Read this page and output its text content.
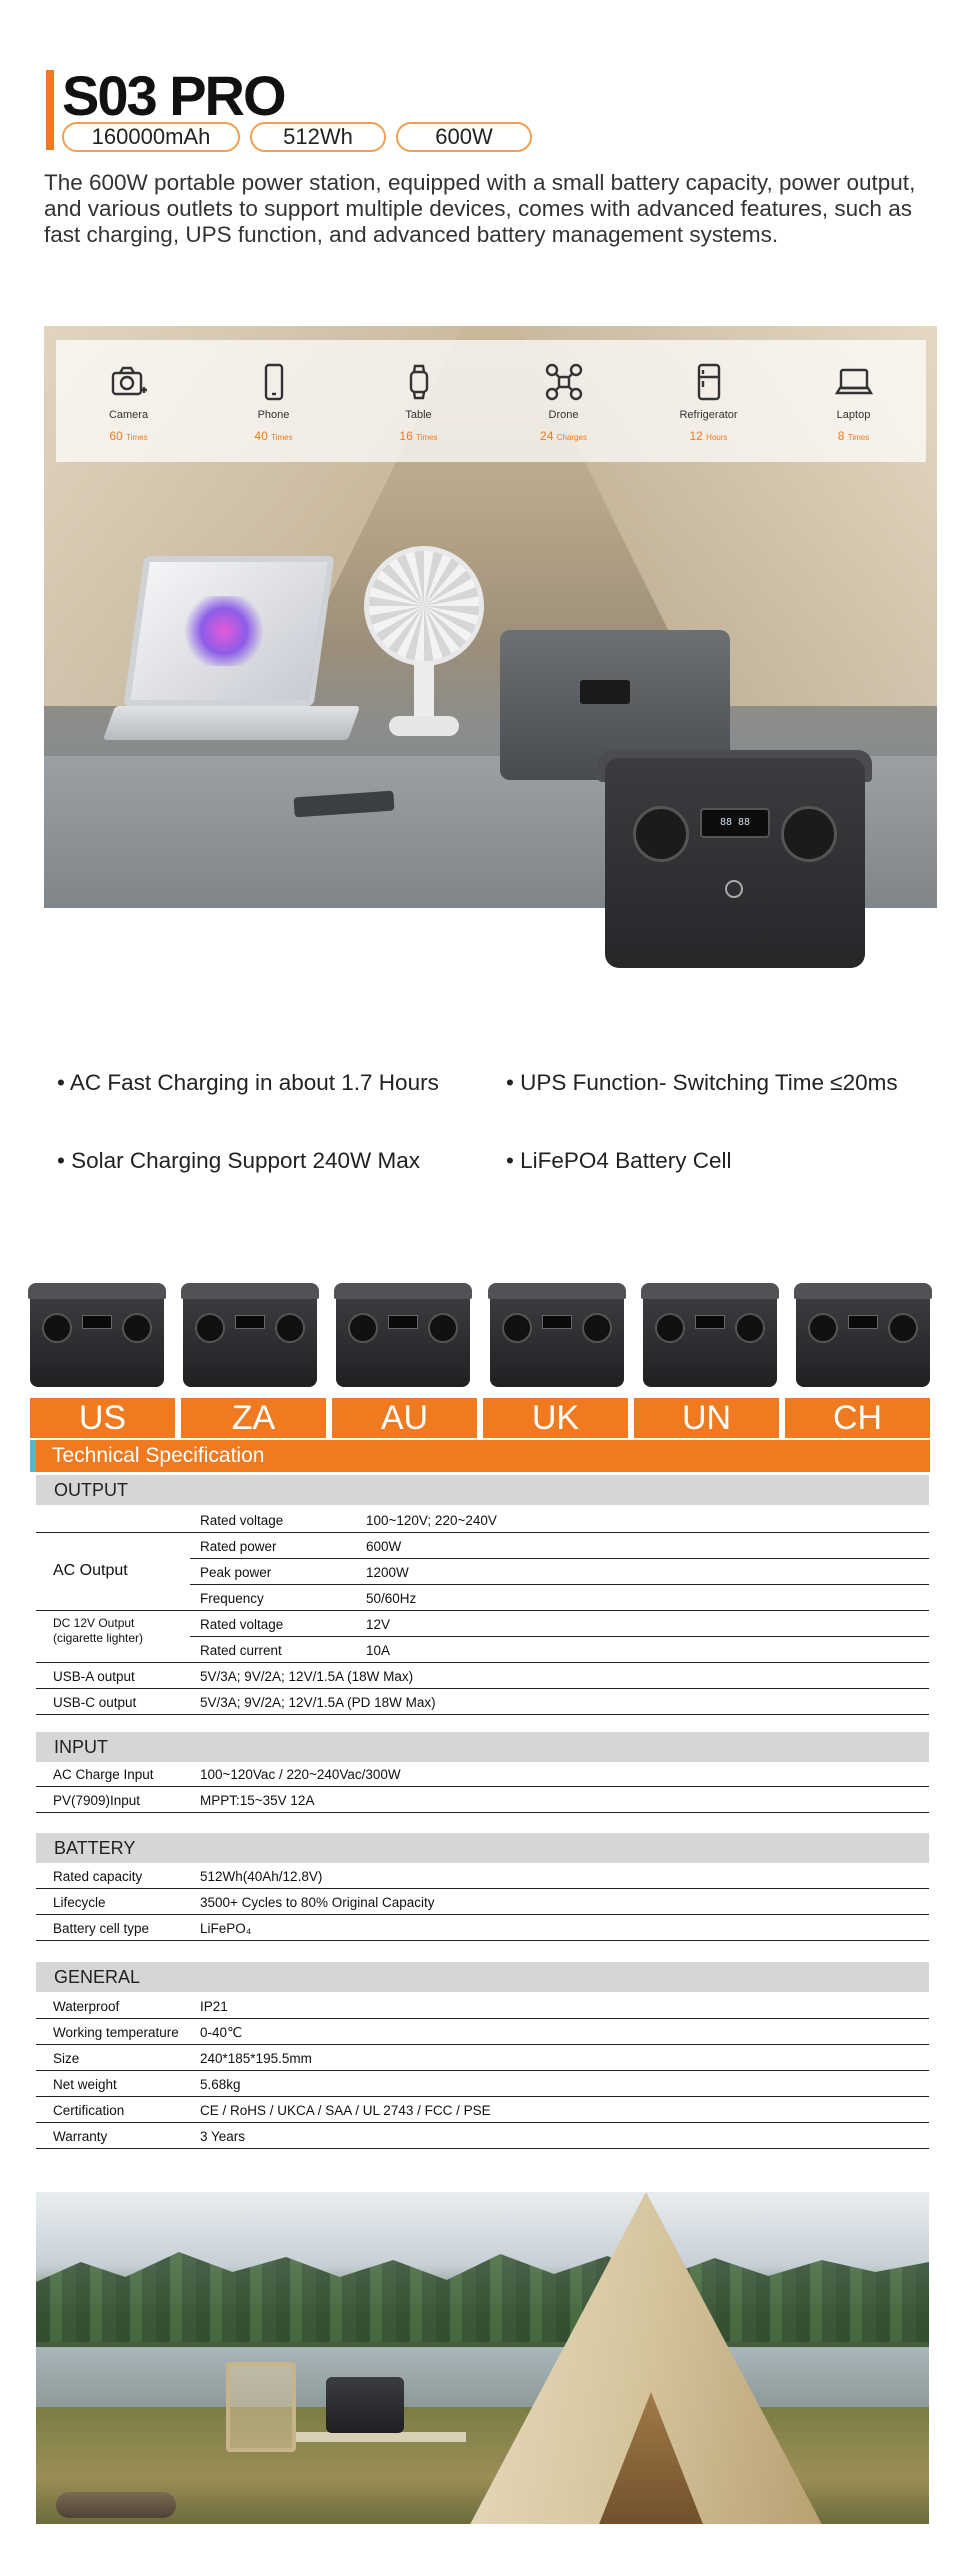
S03 PRO
160000mAh	512Wh	600W

The 600W portable power station, equipped with a small battery capacity, power output, and various outlets to support multiple devices, comes with advanced features, such as fast charging, UPS function, and advanced battery management systems.

Camera
60 Times
Phone
40 Times
Table
16 Times
Drone
24 Charges
Refrigerator
12 Hours
Laptop
8 Times
88 88
• AC Fast Charging in about 1.7 Hours	• UPS Function- Switching Time ≤20ms
• Solar Charging Support 240W Max	• LiFePO4 Battery Cell
US	ZA	AU	UK	UN	CH
Technical Specification
OUTPUT
AC Output
Rated voltage	100~120V; 220~240V
Rated power	600W
Peak power	1200W
Frequency	50/60Hz
DC 12V Output
(cigarette lighter)
Rated voltage	12V
Rated current	10A
USB-A output	5V/3A; 9V/2A; 12V/1.5A (18W Max)
USB-C output	5V/3A; 9V/2A; 12V/1.5A (PD 18W Max)
INPUT
AC Charge Input	100~120Vac / 220~240Vac/300W
PV(7909)Input	MPPT:15~35V 12A
BATTERY
Rated capacity	512Wh(40Ah/12.8V)
Lifecycle	3500+ Cycles to 80% Original Capacity
Battery cell type	LiFePO₄
GENERAL
Waterproof	IP21
Working temperature 0-40℃
Size	240*185*195.5mm
Net weight	5.68kg
Certification	CE / RoHS / UKCA / SAA / UL 2743 / FCC / PSE
Warranty	3 Years
